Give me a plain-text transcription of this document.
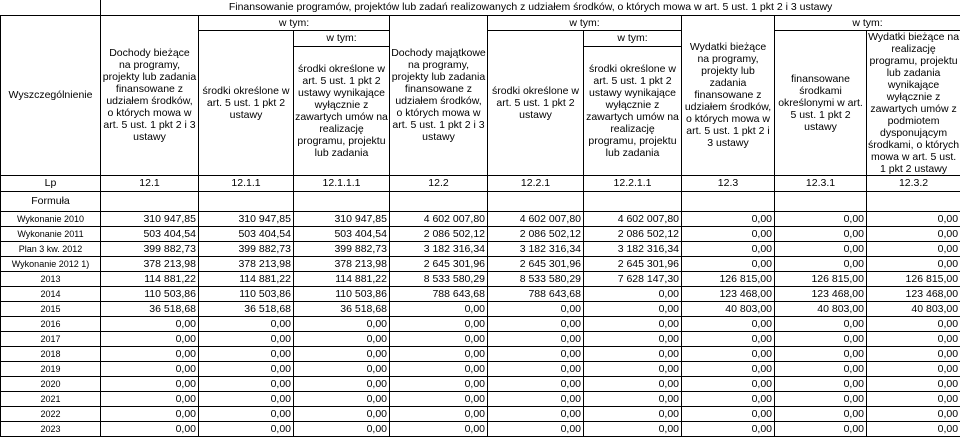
	Finansowanie programów, projektów lub zadań realizowanych z udziałem środków, o których mowa w art. 5 ust. 1 pkt 2 i 3 ustawy								
Wyszczególnienie	Dochody bieżące na programy, projekty lub zadania finansowane z udziałem środków, o których mowa w art. 5 ust. 1 pkt 2 i 3 ustawy	w tym:		Dochody majątkowe na programy, projekty lub zadania finansowane z udziałem środków, o których mowa w art. 5 ust. 1 pkt 2 i 3 ustawy	w tym:		Wydatki bieżące na programy, projekty lub zadania finansowane z udziałem środków, o których mowa w art. 5 ust. 1 pkt 2 i 3 ustawy	w tym:	
		środki określone w art. 5 ust. 1 pkt 2 ustawy	w tym:		środki określone w art. 5 ust. 1 pkt 2 ustawy	w tym:		finansowane środkami określonymi w art. 5 ust. 1 pkt 2 ustawy	Wydatki bieżące na realizację programu, projektu lub zadania wynikające wyłącznie z zawartych umów z podmiotem dysponującym środkami, o których mowa w art. 5 ust. 1 pkt 2 ustawy
			środki określone w art. 5 ust. 1 pkt 2 ustawy wynikające wyłącznie z zawartych umów na realizację programu, projektu lub zadania			środki określone w art. 5 ust. 1 pkt 2 ustawy wynikające wyłącznie z zawartych umów na realizację programu, projektu lub zadania			
Lp	12.1	12.1.1	12.1.1.1	12.2	12.2.1	12.2.1.1	12.3	12.3.1	12.3.2
Formuła									
Wykonanie 2010	310 947,85	310 947,85	310 947,85	4 602 007,80	4 602 007,80	4 602 007,80	0,00	0,00	0,00
Wykonanie 2011	503 404,54	503 404,54	503 404,54	2 086 502,12	2 086 502,12	2 086 502,12	0,00	0,00	0,00
Plan 3 kw. 2012	399 882,73	399 882,73	399 882,73	3 182 316,34	3 182 316,34	3 182 316,34	0,00	0,00	0,00
Wykonanie 2012 1)	378 213,98	378 213,98	378 213,98	2 645 301,96	2 645 301,96	2 645 301,96	0,00	0,00	0,00
2013	114 881,22	114 881,22	114 881,22	8 533 580,29	8 533 580,29	7 628 147,30	126 815,00	126 815,00	126 815,00
2014	110 503,86	110 503,86	110 503,86	788 643,68	788 643,68	0,00	123 468,00	123 468,00	123 468,00
2015	36 518,68	36 518,68	36 518,68	0,00	0,00	0,00	40 803,00	40 803,00	40 803,00
2016	0,00	0,00	0,00	0,00	0,00	0,00	0,00	0,00	0,00
2017	0,00	0,00	0,00	0,00	0,00	0,00	0,00	0,00	0,00
2018	0,00	0,00	0,00	0,00	0,00	0,00	0,00	0,00	0,00
2019	0,00	0,00	0,00	0,00	0,00	0,00	0,00	0,00	0,00
2020	0,00	0,00	0,00	0,00	0,00	0,00	0,00	0,00	0,00
2021	0,00	0,00	0,00	0,00	0,00	0,00	0,00	0,00	0,00
2022	0,00	0,00	0,00	0,00	0,00	0,00	0,00	0,00	0,00
2023	0,00	0,00	0,00	0,00	0,00	0,00	0,00	0,00	0,00
